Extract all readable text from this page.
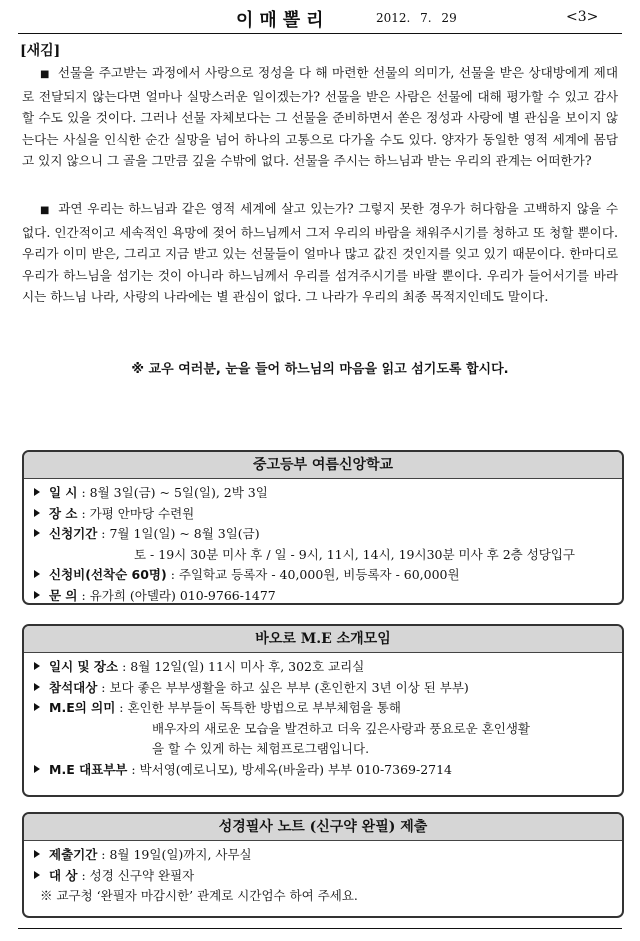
이매뽈리	2012. 7. 29	<3>
[새김]
■ 선물을 주고받는 과정에서 사랑으로 정성을 다 해 마련한 선물의 의미가, 선물을 받은 상대방에게 제대로 전달되지 않는다면 얼마나 실망스러운 일이겠는가? 선물을 받은 사람은 선물에 대해 평가할 수 있고 감사할 수도 있을 것이다. 그러나 선물 자체보다는 그 선물을 준비하면서 쏟은 정성과 사랑에 별 관심을 보이지 않는다는 사실을 인식한 순간 실망을 넘어 하나의 고통으로 다가올 수도 있다. 양자가 동일한 영적 세계에 몸담고 있지 않으니 그 골을 그만큼 깊을 수밖에 없다. 선물을 주시는 하느님과 받는 우리의 관계는 어떠한가?
■ 과연 우리는 하느님과 같은 영적 세계에 살고 있는가? 그렇지 못한 경우가 허다함을 고백하지 않을 수 없다. 인간적이고 세속적인 욕망에 젖어 하느님께서 그저 우리의 바람을 채워주시기를 청하고 또 청할 뿐이다. 우리가 이미 받은, 그리고 지금 받고 있는 선물들이 얼마나 많고 값진 것인지를 잊고 있기 때문이다. 한마디로 우리가 하느님을 섬기는 것이 아니라 하느님께서 우리를 섬겨주시기를 바랄 뿐이다. 우리가 들어서기를 바라시는 하느님 나라, 사랑의 나라에는 별 관심이 없다. 그 나라가 우리의 최종 목적지인데도 말이다.
※ 교우 여러분, 눈을 들어 하느님의 마음을 읽고 섬기도록 합시다.
중고등부 여름신앙학교
일 시 : 8월 3일(금) ~ 5일(일), 2박 3일
장 소 : 가평 안마당 수련원
신청기간 : 7월 1일(일) ~ 8월 3일(금)
토 - 19시 30분 미사 후 / 일 - 9시, 11시, 14시, 19시30분 미사 후 2층 성당입구
신청비(선착순 60명) : 주일학교 등록자 - 40,000원, 비등록자 - 60,000원
문 의 : 유가희 (아델라) 010-9766-1477
바오로 M.E 소개모임
일시 및 장소 : 8월 12일(일) 11시 미사 후, 302호 교리실
참석대상 : 보다 좋은 부부생활을 하고 싶은 부부 (혼인한지 3년 이상 된 부부)
M.E의 의미 : 혼인한 부부들이 독특한 방법으로 부부체험을 통해
배우자의 새로운 모습을 발견하고 더욱 깊은사랑과 풍요로운 혼인생활
을 할 수 있게 하는 체험프로그램입니다.
M.E 대표부부 : 박서영(예로니모), 방세옥(바울라) 부부 010-7369-2714
성경필사 노트 (신구약 완필) 제출
제출기간 : 8월 19일(일)까지, 사무실
대 상 : 성경 신구약 완필자
※ 교구청 ‘완필자 마감시한’ 관계로 시간엄수 하여 주세요.
